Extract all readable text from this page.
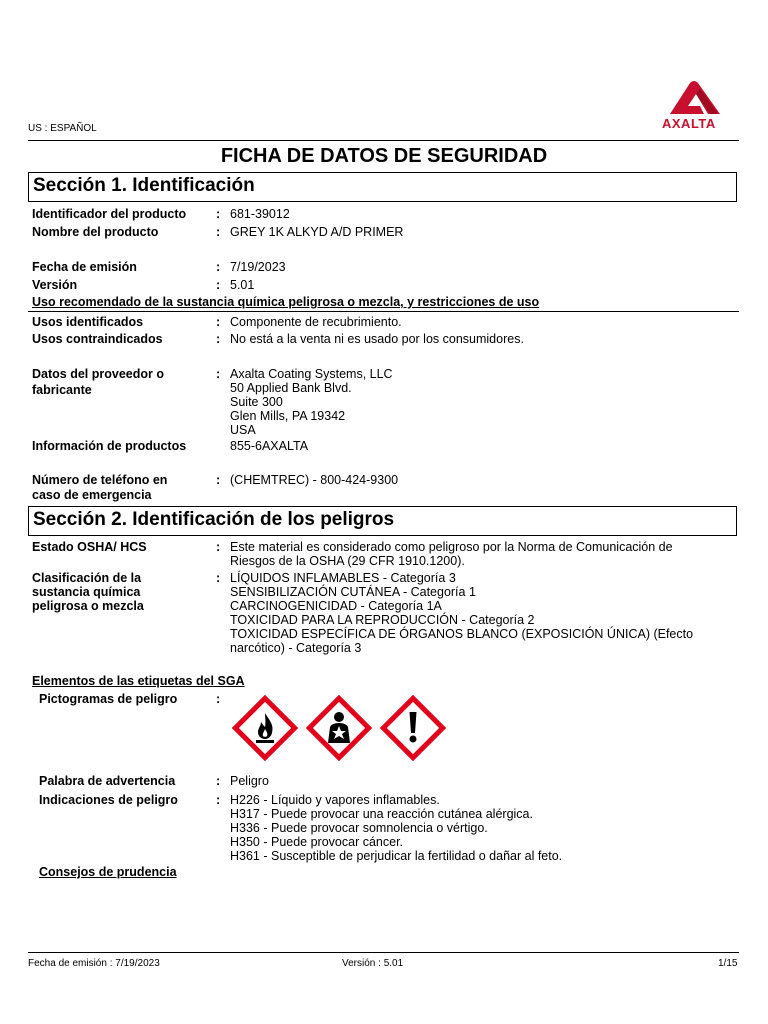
US : ESPAÑOL	AXALTA
FICHA DE DATOS DE SEGURIDAD
Sección 1. Identificación
Identificador del producto	: 681-39012
Nombre del producto	: GREY 1K ALKYD A/D PRIMER
Fecha de emisión	: 7/19/2023
Versión	: 5.01
Uso recomendado de la sustancia química peligrosa o mezcla, y restricciones de uso
Usos identificados	: Componente de recubrimiento.
Usos contraindicados	: No está a la venta ni es usado por los consumidores.
Datos del proveedor o
fabricante
: Axalta Coating Systems, LLC
50 Applied Bank Blvd.
Suite 300
Glen Mills, PA 19342
USA
Información de productos	855-6AXALTA
Número de teléfono en
caso de emergencia
: (CHEMTREC) - 800-424-9300
Sección 2. Identificación de los peligros
Estado OSHA/ HCS	: Este material es considerado como peligroso por la Norma de Comunicación de
Riesgos de la OSHA (29 CFR 1910.1200).
Clasificación de la
sustancia química
peligrosa o mezcla
: LÍQUIDOS INFLAMABLES - Categoría 3
SENSIBILIZACIÓN CUTÁNEA - Categoría 1
CARCINOGENICIDAD - Categoría 1A
TOXICIDAD PARA LA REPRODUCCIÓN - Categoría 2
TOXICIDAD ESPECÍFICA DE ÓRGANOS BLANCO (EXPOSICIÓN ÚNICA) (Efecto
narcótico) - Categoría 3
Elementos de las etiquetas del SGA
Pictogramas de peligro	:
Palabra de advertencia	: Peligro
Indicaciones de peligro	: H226 - Líquido y vapores inflamables.
H317 - Puede provocar una reacción cutánea alérgica.
H336 - Puede provocar somnolencia o vértigo.
H350 - Puede provocar cáncer.
H361 - Susceptible de perjudicar la fertilidad o dañar al feto.
Consejos de prudencia
Fecha de emisión : 7/19/2023	Versión : 5.01	1/15
